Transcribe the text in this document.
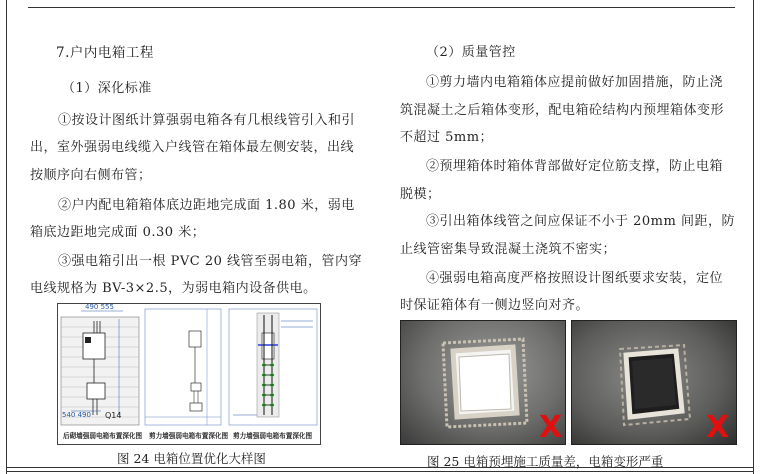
7.户内电箱工程
（1）深化标准
①按设计图纸计算强弱电箱各有几根线管引入和引
出，室外强弱电线缆入户线管在箱体最左侧安装，出线
按顺序向右侧布管；
②户内配电箱箱体底边距地完成面 1.80 米，弱电
箱底边距地完成面 0.30 米；
③强电箱引出一根 PVC 20 线管至弱电箱，管内穿
电线规格为 BV-3×2.5，为弱电箱内设备供电。
490 555
540 490 Q14
后砌墙强弱电箱布置深化图 剪力墙强弱电箱布置深化图 剪力墙强弱电箱布置深化图
图 24 电箱位置优化大样图
（2）质量管控
①剪力墙内电箱箱体应提前做好加固措施，防止浇
筑混凝土之后箱体变形，配电箱砼结构内预埋箱体变形
不超过 5mm；
②预埋箱体时箱体背部做好定位筋支撑，防止电箱
脱模；
③引出箱体线管之间应保证不小于 20mm 间距，防
止线管密集导致混凝土浇筑不密实；
④强弱电箱高度严格按照设计图纸要求安装，定位
时保证箱体有一侧边竖向对齐。
X	X
图 25 电箱预埋施工质量差，电箱变形严重
